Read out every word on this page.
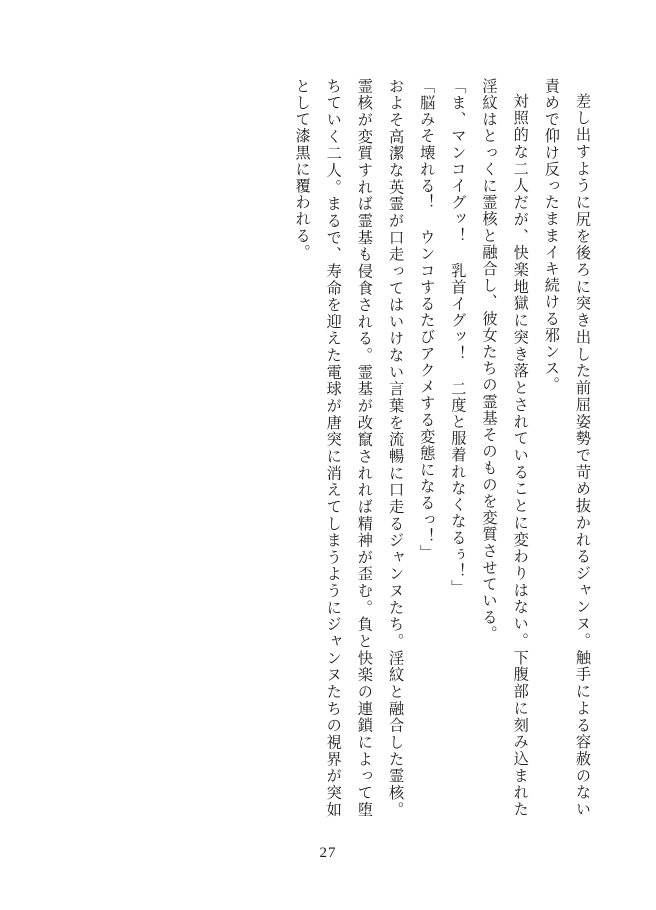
差し出すように尻を後ろに突き出した前屈姿勢で苛め抜かれるジャンヌ。触手による容赦のない責めで仰け反ったままイキ続ける邪ンス。

対照的な二人だが、快楽地獄に突き落とされていることに変わりはない。下腹部に刻み込まれた淫紋はとっくに霊核と融合し、彼女たちの霊基そのものを変質させている。

「ま、マンコイグッ！ 乳首イグッ！ 二度と服着れなくなるぅ！」

「脳みそ壊れる！ ウンコするたびアクメする変態になるっ！」

およそ高潔な英霊が口走ってはいけない言葉を流暢に口走るジャンヌたち。淫紋と融合した霊核。霊核が変質すれば霊基も侵食される。霊基が改竄されれば精神が歪む。負と快楽の連鎖によって堕ちていく二人。まるで、寿命を迎えた電球が唐突に消えてしまうようにジャンヌたちの視界が突如として漆黒に覆われる。

27
